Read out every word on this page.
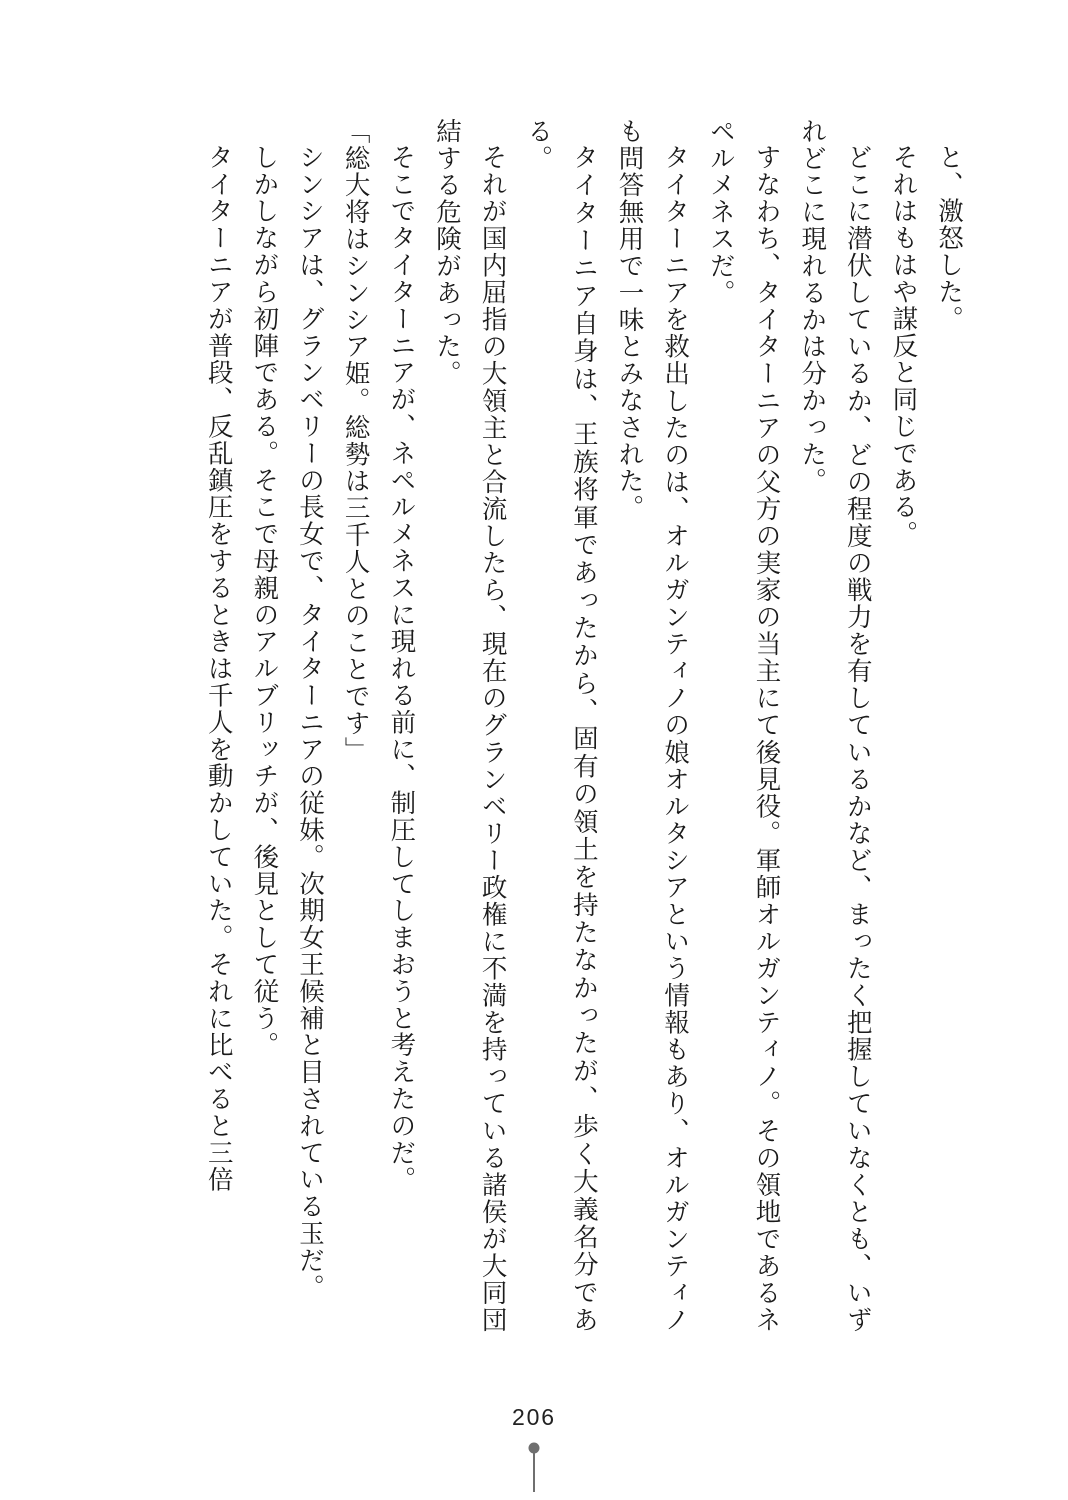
と、激怒した。

それはもはや謀反と同じである。

どこに潜伏しているか、どの程度の戦力を有しているかなど、まったく把握していなくとも、いずれどこに現れるかは分かった。

すなわち、タイターニアの父方の実家の当主にて後見役。軍師オルガンティノ。その領地であるネペルメネスだ。

タイターニアを救出したのは、オルガンティノの娘オルタシアという情報もあり、オルガンティノも問答無用で一味とみなされた。

タイターニア自身は、王族将軍であったから、固有の領土を持たなかったが、歩く大義名分である。

それが国内屈指の大領主と合流したら、現在のグランベリー政権に不満を持っている諸侯が大同団結する危険があった。

そこでタイターニアが、ネペルメネスに現れる前に、制圧してしまおうと考えたのだ。

「総大将はシンシア姫。総勢は三千人とのことです」

シンシアは、グランベリーの長女で、タイターニアの従妹。次期女王候補と目されている玉だ。

しかしながら初陣である。そこで母親のアルブリッチが、後見として従う。

タイターニアが普段、反乱鎮圧をするときは千人を動かしていた。それに比べると三倍

206
